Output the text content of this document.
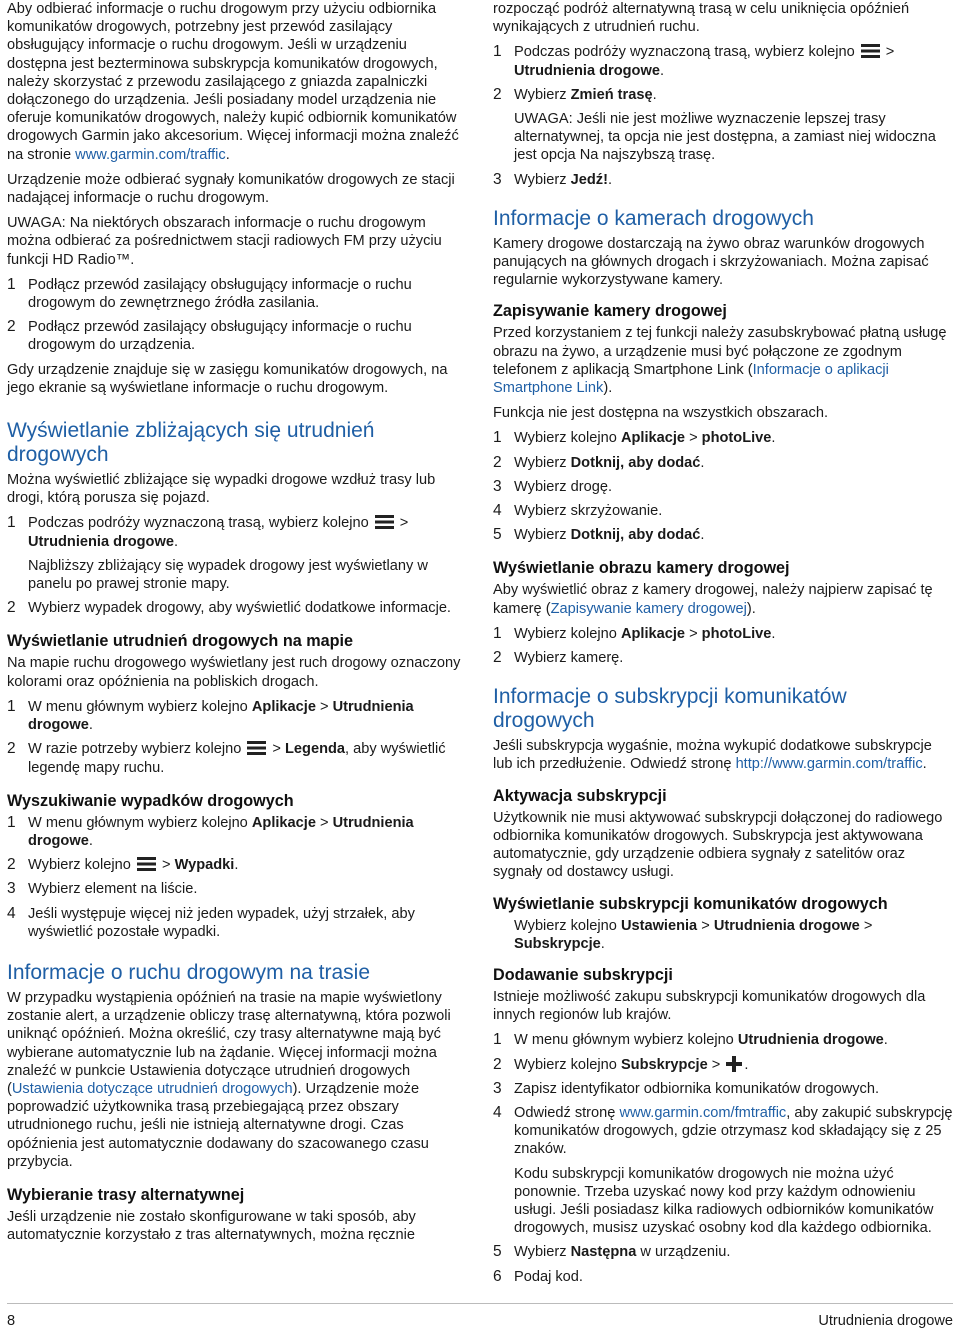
Aby odbierać informacje o ruchu drogowym przy użyciu odbiornika komunikatów drogowych, potrzebny jest przewód zasilający obsługujący informacje o ruchu drogowym. Jeśli w urządzeniu dostępna jest bezterminowa subskrypcja komunikatów drogowych, należy skorzystać z przewodu zasilającego z gniazda zapalniczki dołączonego do urządzenia. Jeśli posiadany model urządzenia nie oferuje komunikatów drogowych, należy kupić odbiornik komunikatów drogowych Garmin jako akcesorium. Więcej informacji można znaleźć na stronie www.garmin.com/traffic.

Urządzenie może odbierać sygnały komunikatów drogowych ze stacji nadającej informacje o ruchu drogowym.

UWAGA: Na niektórych obszarach informacje o ruchu drogowym można odbierać za pośrednictwem stacji radiowych FM przy użyciu funkcji HD Radio™.

1 Podłącz przewód zasilający obsługujący informacje o ruchu drogowym do zewnętrznego źródła zasilania.
2 Podłącz przewód zasilający obsługujący informacje o ruchu drogowym do urządzenia.

Gdy urządzenie znajduje się w zasięgu komunikatów drogowych, na jego ekranie są wyświetlane informacje o ruchu drogowym.

Wyświetlanie zbliżających się utrudnień drogowych

Można wyświetlić zbliżające się wypadki drogowe wzdłuż trasy lub drogi, którą porusza się pojazd.

1 Podczas podróży wyznaczoną trasą, wybierz kolejno  > Utrudnienia drogowe.
Najbliższy zbliżający się wypadek drogowy jest wyświetlany w panelu po prawej stronie mapy.
2 Wybierz wypadek drogowy, aby wyświetlić dodatkowe informacje.
Wyświetlanie utrudnień drogowych na mapie

Na mapie ruchu drogowego wyświetlany jest ruch drogowy oznaczony kolorami oraz opóźnienia na pobliskich drogach.

1 W menu głównym wybierz kolejno Aplikacje > Utrudnienia drogowe.
2 W razie potrzeby wybierz kolejno  > Legenda, aby wyświetlić legendę mapy ruchu.
Wyszukiwanie wypadków drogowych
1 W menu głównym wybierz kolejno Aplikacje > Utrudnienia drogowe.
2 Wybierz kolejno  > Wypadki.
3 Wybierz element na liście.
4 Jeśli występuje więcej niż jeden wypadek, użyj strzałek, aby wyświetlić pozostałe wypadki.
Informacje o ruchu drogowym na trasie

W przypadku wystąpienia opóźnień na trasie na mapie wyświetlony zostanie alert, a urządzenie obliczy trasę alternatywną, która pozwoli uniknąć opóźnień. Można określić, czy trasy alternatywne mają być wybierane automatycznie lub na żądanie. Więcej informacji można znaleźć w punkcie Ustawienia dotyczące utrudnień drogowych (Ustawienia dotyczące utrudnień drogowych). Urządzenie może poprowadzić użytkownika trasą przebiegającą przez obszary utrudnionego ruchu, jeśli nie istnieją alternatywne drogi. Czas opóźnienia jest automatycznie dodawany do szacowanego czasu przybycia.

Wybieranie trasy alternatywnej

Jeśli urządzenie nie zostało skonfigurowane w taki sposób, aby automatycznie korzystało z tras alternatywnych, można ręcznie

rozpocząć podróż alternatywną trasą w celu uniknięcia opóźnień wynikających z utrudnień ruchu.

1 Podczas podróży wyznaczoną trasą, wybierz kolejno  > Utrudnienia drogowe.
2 Wybierz Zmień trasę.
UWAGA: Jeśli nie jest możliwe wyznaczenie lepszej trasy alternatywnej, ta opcja nie jest dostępna, a zamiast niej widoczna jest opcja Na najszybszą trasę.
3 Wybierz Jedź!.
Informacje o kamerach drogowych

Kamery drogowe dostarczają na żywo obraz warunków drogowych panujących na głównych drogach i skrzyżowaniach. Można zapisać regularnie wykorzystywane kamery.

Zapisywanie kamery drogowej

Przed korzystaniem z tej funkcji należy zasubskrybować płatną usługę obrazu na żywo, a urządzenie musi być połączone ze zgodnym telefonem z aplikacją Smartphone Link (Informacje o aplikacji Smartphone Link).

Funkcja nie jest dostępna na wszystkich obszarach.

1 Wybierz kolejno Aplikacje > photoLive.
2 Wybierz Dotknij, aby dodać.
3 Wybierz drogę.
4 Wybierz skrzyżowanie.
5 Wybierz Dotknij, aby dodać.
Wyświetlanie obrazu kamery drogowej

Aby wyświetlić obraz z kamery drogowej, należy najpierw zapisać tę kamerę (Zapisywanie kamery drogowej).

1 Wybierz kolejno Aplikacje > photoLive.
2 Wybierz kamerę.
Informacje o subskrypcji komunikatów drogowych

Jeśli subskrypcja wygaśnie, można wykupić dodatkowe subskrypcje lub ich przedłużenie. Odwiedź stronę http://www.garmin.com/traffic.

Aktywacja subskrypcji

Użytkownik nie musi aktywować subskrypcji dołączonej do radiowego odbiornika komunikatów drogowych. Subskrypcja jest aktywowana automatycznie, gdy urządzenie odbiera sygnały z satelitów oraz sygnały od dostawcy usługi.

Wyświetlanie subskrypcji komunikatów drogowych

Wybierz kolejno Ustawienia > Utrudnienia drogowe > Subskrypcje.

Dodawanie subskrypcji

Istnieje możliwość zakupu subskrypcji komunikatów drogowych dla innych regionów lub krajów.

1 W menu głównym wybierz kolejno Utrudnienia drogowe.
2 Wybierz kolejno Subskrypcje > .
3 Zapisz identyfikator odbiornika komunikatów drogowych.
4 Odwiedź stronę www.garmin.com/fmtraffic, aby zakupić subskrypcję komunikatów drogowych, gdzie otrzymasz kod składający się z 25 znaków.
Kodu subskrypcji komunikatów drogowych nie można użyć ponownie. Trzeba uzyskać nowy kod przy każdym odnowieniu usługi. Jeśli posiadasz kilka radiowych odbiorników komunikatów drogowych, musisz uzyskać osobny kod dla każdego odbiornika.
5 Wybierz Następna w urządzeniu.
6 Podaj kod.
8	Utrudnienia drogowe
